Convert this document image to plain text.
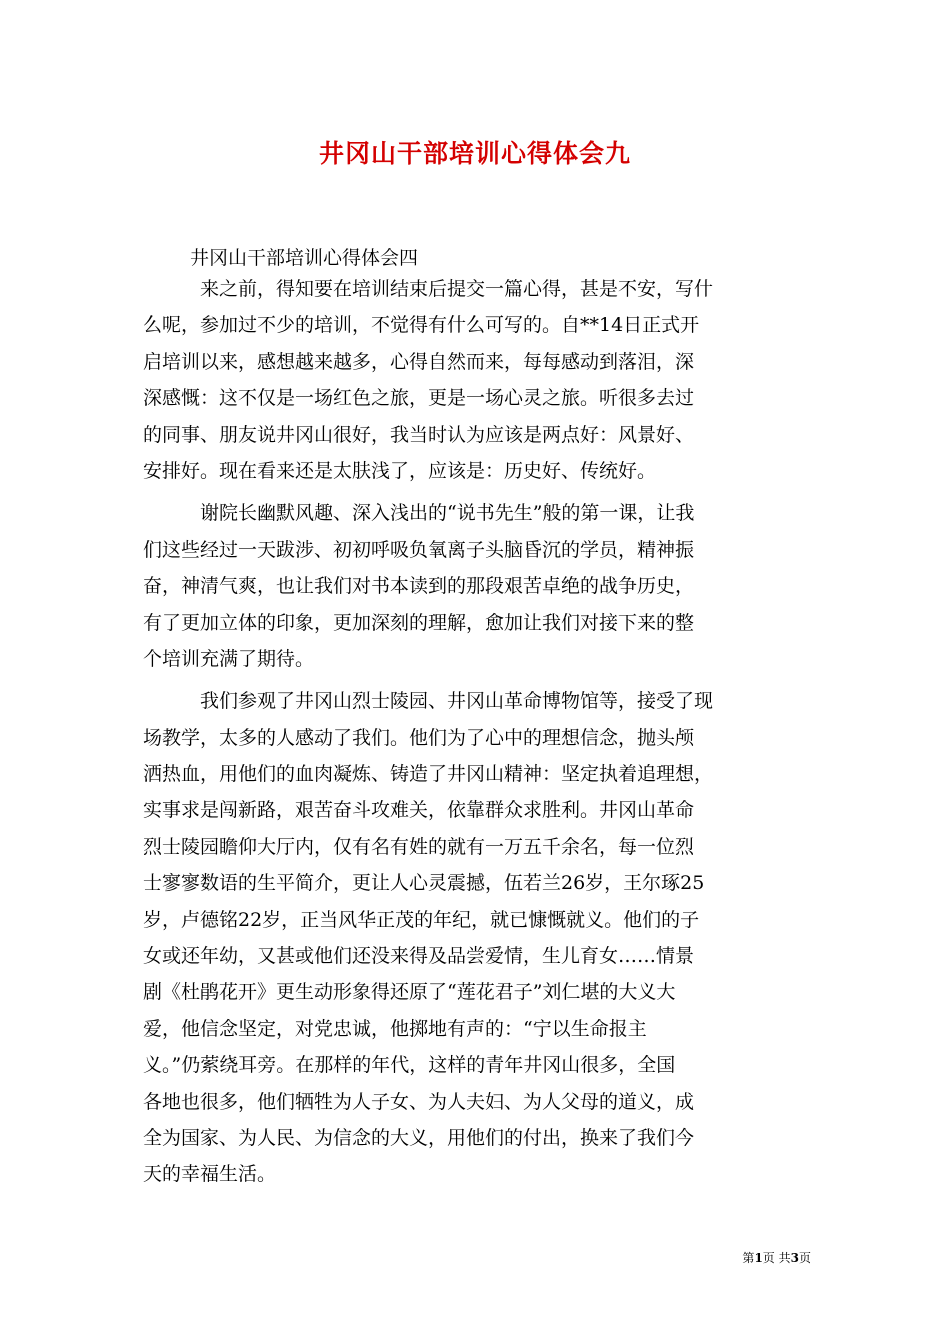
井冈山干部培训心得体会九
井冈山干部培训心得体会四
来之前，得知要在培训结束后提交一篇心得，甚是不安，写什
么呢，参加过不少的培训，不觉得有什么可写的。自**14日正式开
启培训以来，感想越来越多，心得自然而来，每每感动到落泪，深
深感慨：这不仅是一场红色之旅，更是一场心灵之旅。听很多去过
的同事、朋友说井冈山很好，我当时认为应该是两点好：风景好、
安排好。现在看来还是太肤浅了，应该是：历史好、传统好。
谢院长幽默风趣、深入浅出的“说书先生”般的第一课，让我
们这些经过一天跋涉、初初呼吸负氧离子头脑昏沉的学员，精神振
奋，神清气爽，也让我们对书本读到的那段艰苦卓绝的战争历史，
有了更加立体的印象，更加深刻的理解，愈加让我们对接下来的整
个培训充满了期待。
我们参观了井冈山烈士陵园、井冈山革命博物馆等，接受了现
场教学，太多的人感动了我们。他们为了心中的理想信念，抛头颅
洒热血，用他们的血肉凝炼、铸造了井冈山精神：坚定执着追理想，
实事求是闯新路，艰苦奋斗攻难关，依靠群众求胜利。井冈山革命
烈士陵园瞻仰大厅内，仅有名有姓的就有一万五千余名，每一位烈
士寥寥数语的生平简介，更让人心灵震撼，伍若兰26岁，王尔琢25
岁，卢德铭22岁，正当风华正茂的年纪，就已慷慨就义。他们的子
女或还年幼，又甚或他们还没来得及品尝爱情，生儿育女……情景
剧《杜鹃花开》更生动形象得还原了“莲花君子”刘仁堪的大义大
爱，他信念坚定，对党忠诚，他掷地有声的：“宁以生命报主
义。”仍萦绕耳旁。在那样的年代，这样的青年井冈山很多，全国
各地也很多，他们牺牲为人子女、为人夫妇、为人父母的道义，成
全为国家、为人民、为信念的大义，用他们的付出，换来了我们今
天的幸福生活。
第1页 共3页
